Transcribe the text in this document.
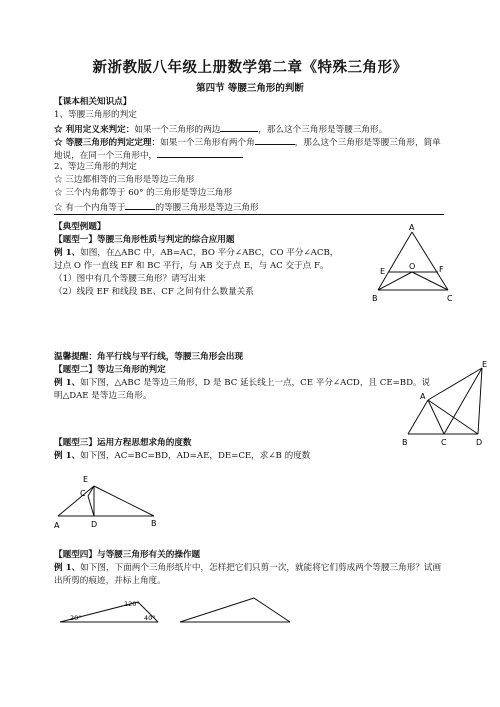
新浙教版八年级上册数学第二章《特殊三角形》
第四节 等腰三角形的判断
【课本相关知识点】
1、等腰三角形的判定
☆ 利用定义来判定：如果一个三角形的两边	，那么这个三角形是等腰三角形。
☆ 等腰三角形的判定定理：如果一个三角形有两个角	，那么这个三角形是等腰三角形，简单
地说，在同一个三角形中，
2、等边三角形的判定
☆ 三边都相等的三角形是等边三角形
☆ 三个内角都等于 60° 的三角形是等边三角形
☆ 有一个内角等于	的等腰三角形是等边三角形
【典型例题】
【题型一】等腰三角形性质与判定的综合应用题
例 1、如图，在△ABC 中，AB=AC，BO 平分∠ABC，CO 平分∠ACB，
过点 O 作一直线 EF 和 BC 平行，与 AB 交于点 E，与 AC 交于点 F。
（1）图中有几个等腰三角形？请写出来
（2）线段 EF 和线段 BE、CF 之间有什么数量关系
A
E	F
O
B	C
温馨提醒：角平行线与平行线，等腰三角形会出现
【题型二】等边三角形的判定
例 1、如下图，△ABC 是等边三角形，D 是 BC 延长线上一点，CE 平分∠ACD，且 CE=BD。说
明△DAE 是等边三角形。
E
A
B	C	D
【题型三】运用方程思想求角的度数
例 1、如下图，AC=BC=BD，AD=AE，DE=CE，求∠B 的度数
E
C
A	D	B
【题型四】与等腰三角形有关的操作题
例 1、如下图，下面两个三角形纸片中，怎样把它们只剪一次，就能将它们剪成两个等腰三角形？试画
出所剪的痕迹，并标上角度。
120°
20°	40°
